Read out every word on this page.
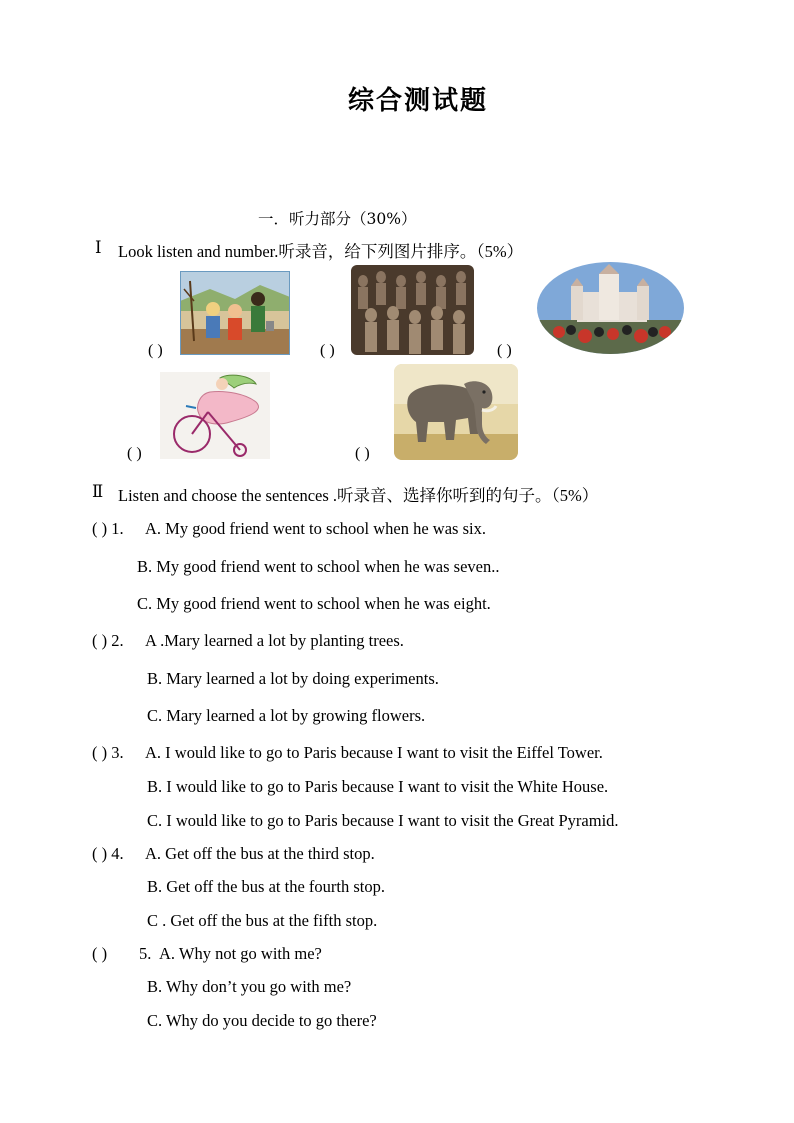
综合测试题
一．听力部分（30%）
Ⅰ Look listen and number.听录音，给下列图片排序。（5%）
( )	( )	( )
( )	( )
Ⅱ Listen and choose the sentences .听录音、选择你听到的句子。（5%）
( ) 1. A. My good friend went to school when he was six.
B. My good friend went to school when he was seven..
C. My good friend went to school when he was eight.
( ) 2. A .Mary learned a lot by planting trees.
B. Mary learned a lot by doing experiments.
C. Mary learned a lot by growing flowers.
( ) 3. A. I would like to go to Paris because I want to visit the Eiffel Tower.
B. I would like to go to Paris because I want to visit the White House.
C. I would like to go to Paris because I want to visit the Great Pyramid.
( ) 4. A. Get off the bus at the third stop.
B. Get off the bus at the fourth stop.
C . Get off the bus at the fifth stop.
( ) 5. A. Why not go with me?
B. Why don’t you go with me?
C. Why do you decide to go there?
